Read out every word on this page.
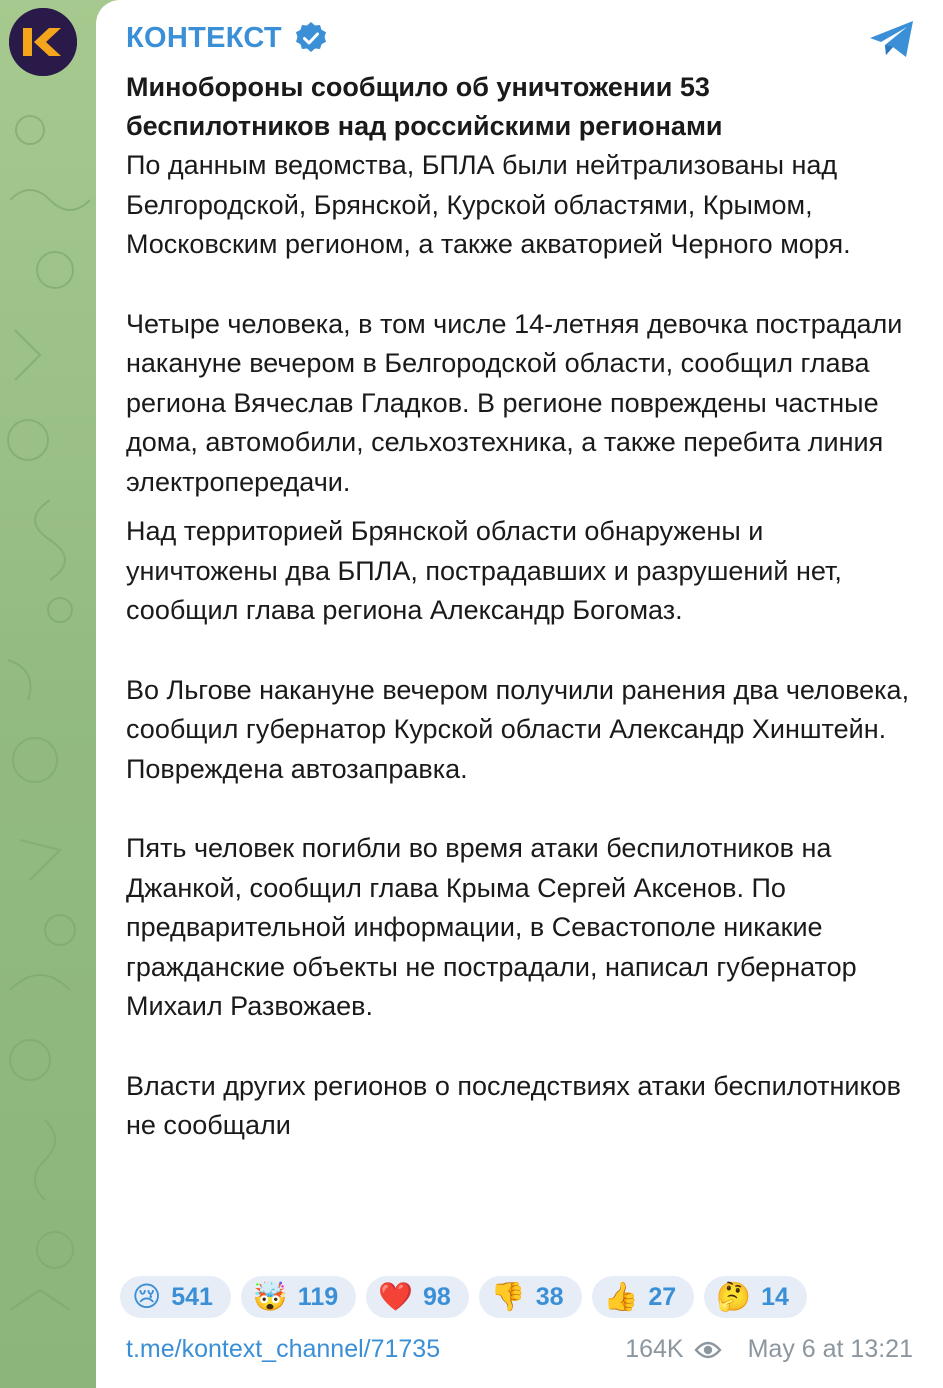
КОНТЕКСТ

Минобороны сообщило об уничтожении 53 беспилотников над российскими регионами

По данным ведомства, БПЛА были нейтрализованы над Белгородской, Брянской, Курской областями, Крымом, Московским регионом, а также акваторией Черного моря.

Четыре человека, в том числе 14-летняя девочка пострадали накануне вечером в Белгородской области, сообщил глава региона Вячеслав Гладков. В регионе повреждены частные дома, автомобили, сельхозтехника, а также перебита линия электропередачи.

Над территорией Брянской области обнаружены и уничтожены два БПЛА, пострадавших и разрушений нет, сообщил глава региона Александр Богомаз.

Во Льгове накануне вечером получили ранения два человека, сообщил губернатор Курской области Александр Хинштейн. Повреждена автозаправка.

Пять человек погибли во время атаки беспилотников на Джанкой, сообщил глава Крыма Сергей Аксенов. По предварительной информации, в Севастополе никакие гражданские объекты не пострадали, написал губернатор Михаил Развожаев.

Власти других регионов о последствиях атаки беспилотников не сообщали

😢 541 🤯 119 ❤️ 98 👎 38 👍 27 🤔 14
t.me/kontext_channel/71735	164K	May 6 at 13:21
